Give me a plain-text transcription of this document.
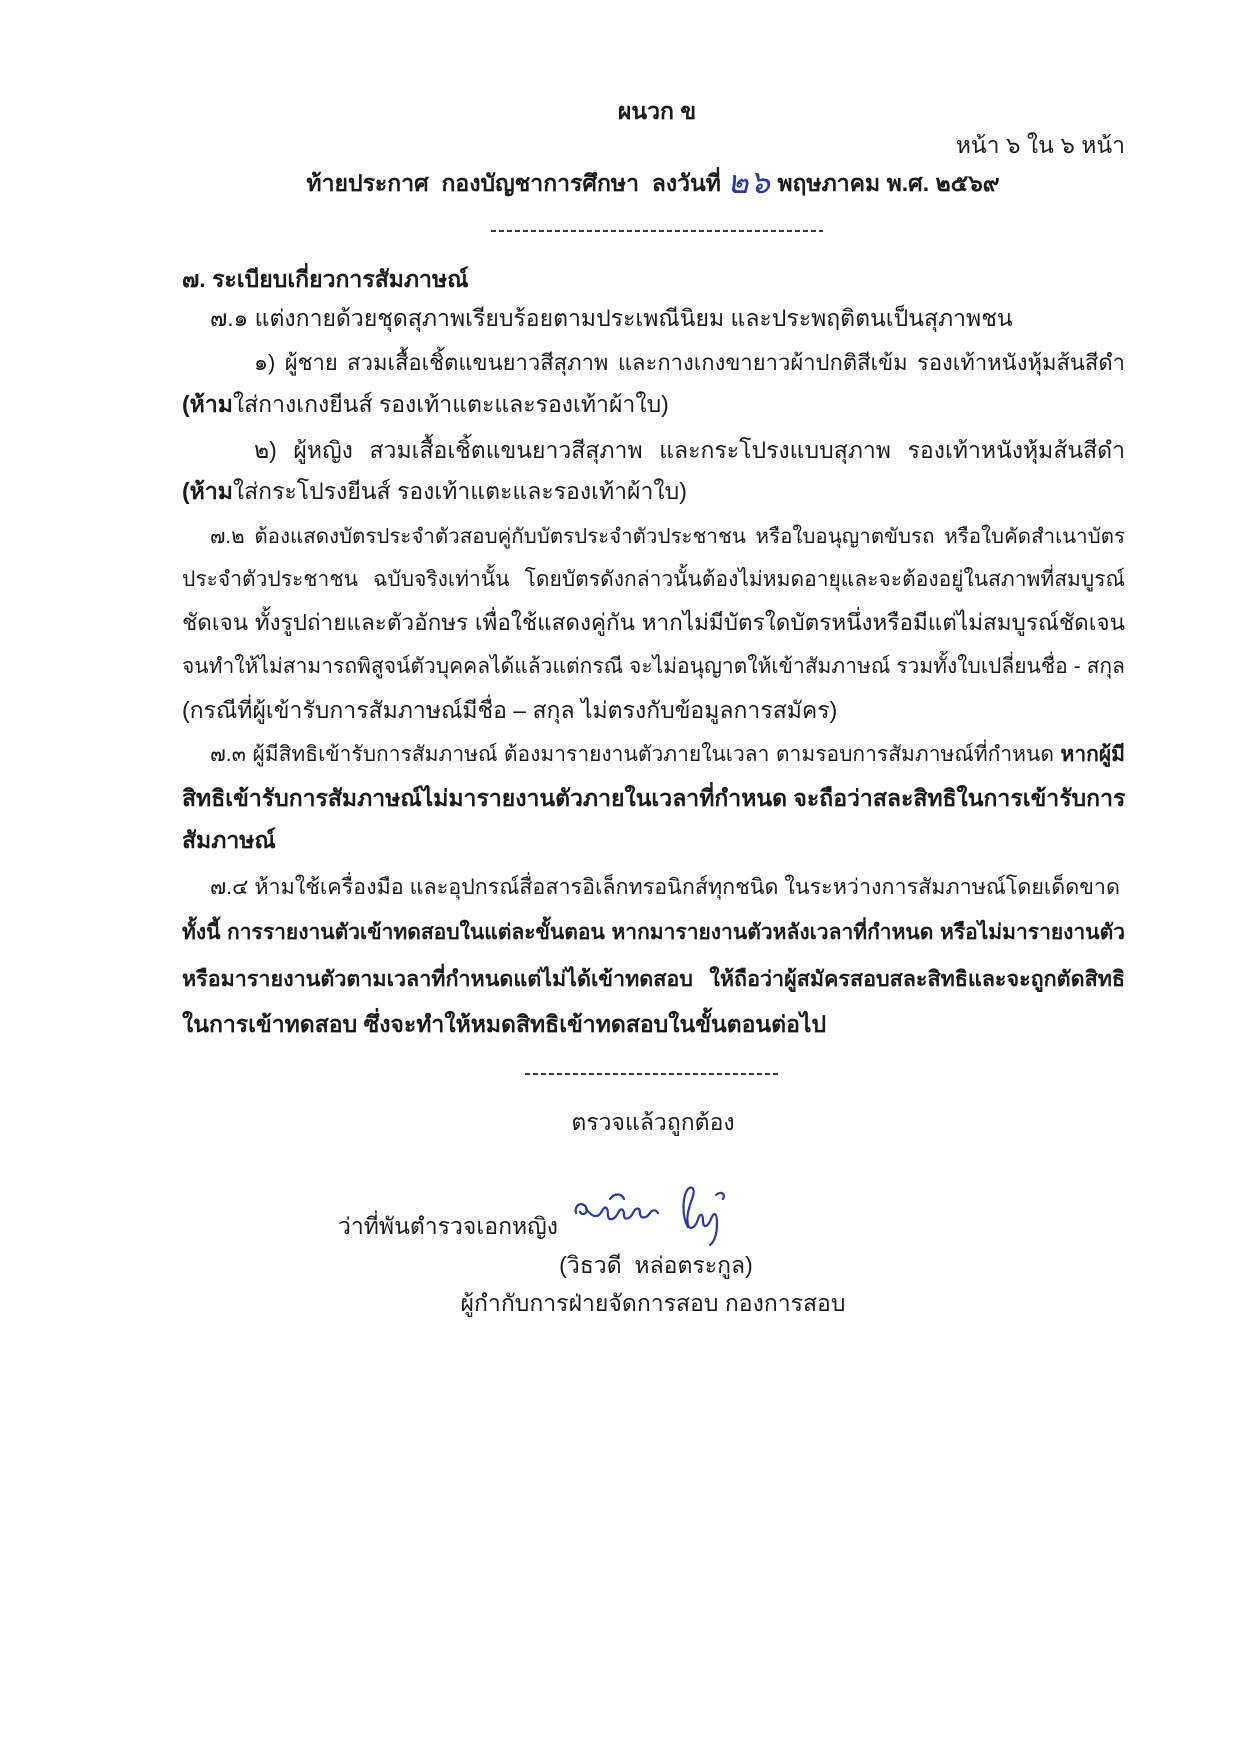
ผนวก ข
หน้า ๖ ใน ๖ หน้า
ท้ายประกาศ  กองบัญชาการศึกษา  ลงวันที่ ๒๖ พฤษภาคม พ.ศ. ๒๕๖๙
๗. ระเบียบเกี่ยวการสัมภาษณ์
๗.๑ แต่งกายด้วยชุดสุภาพเรียบร้อยตามประเพณีนิยม และประพฤติตนเป็นสุภาพชน
๑) ผู้ชาย สวมเสื้อเชิ้ตแขนยาวสีสุภาพ และกางเกงขายาวผ้าปกติสีเข้ม รองเท้าหนังหุ้มส้นสีดำ
(ห้ามใส่กางเกงยีนส์ รองเท้าแตะและรองเท้าผ้าใบ)
๒) ผู้หญิง สวมเสื้อเชิ้ตแขนยาวสีสุภาพ และกระโปรงแบบสุภาพ รองเท้าหนังหุ้มส้นสีดำ
(ห้ามใส่กระโปรงยีนส์ รองเท้าแตะและรองเท้าผ้าใบ)
๗.๒ ต้องแสดงบัตรประจำตัวสอบคู่กับบัตรประจำตัวประชาชน หรือใบอนุญาตขับรถ หรือใบคัดสำเนาบัตร
ประจำตัวประชาชน ฉบับจริงเท่านั้น โดยบัตรดังกล่าวนั้นต้องไม่หมดอายุและจะต้องอยู่ในสภาพที่สมบูรณ์
ชัดเจน ทั้งรูปถ่ายและตัวอักษร เพื่อใช้แสดงคู่กัน หากไม่มีบัตรใดบัตรหนึ่งหรือมีแต่ไม่สมบูรณ์ชัดเจน
จนทำให้ไม่สามารถพิสูจน์ตัวบุคคลได้แล้วแต่กรณี จะไม่อนุญาตให้เข้าสัมภาษณ์ รวมทั้งใบเปลี่ยนชื่อ - สกุล
(กรณีที่ผู้เข้ารับการสัมภาษณ์มีชื่อ – สกุล ไม่ตรงกับข้อมูลการสมัคร)
๗.๓ ผู้มีสิทธิเข้ารับการสัมภาษณ์ ต้องมารายงานตัวภายในเวลา ตามรอบการสัมภาษณ์ที่กำหนด หากผู้มี
สิทธิเข้ารับการสัมภาษณ์ไม่มารายงานตัวภายในเวลาที่กำหนด จะถือว่าสละสิทธิในการเข้ารับการ
สัมภาษณ์
๗.๔ ห้ามใช้เครื่องมือ และอุปกรณ์สื่อสารอิเล็กทรอนิกส์ทุกชนิด ในระหว่างการสัมภาษณ์โดยเด็ดขาด
ทั้งนี้ การรายงานตัวเข้าทดสอบในแต่ละขั้นตอน หากมารายงานตัวหลังเวลาที่กำหนด หรือไม่มารายงานตัว
หรือมารายงานตัวตามเวลาที่กำหนดแต่ไม่ได้เข้าทดสอบ ให้ถือว่าผู้สมัครสอบสละสิทธิและจะถูกตัดสิทธิ
ในการเข้าทดสอบ ซึ่งจะทำให้หมดสิทธิเข้าทดสอบในขั้นตอนต่อไป
ตรวจแล้วถูกต้อง
ว่าที่พันตำรวจเอกหญิง
(วิธวดี  หล่อตระกูล)
ผู้กำกับการฝ่ายจัดการสอบ กองการสอบ
